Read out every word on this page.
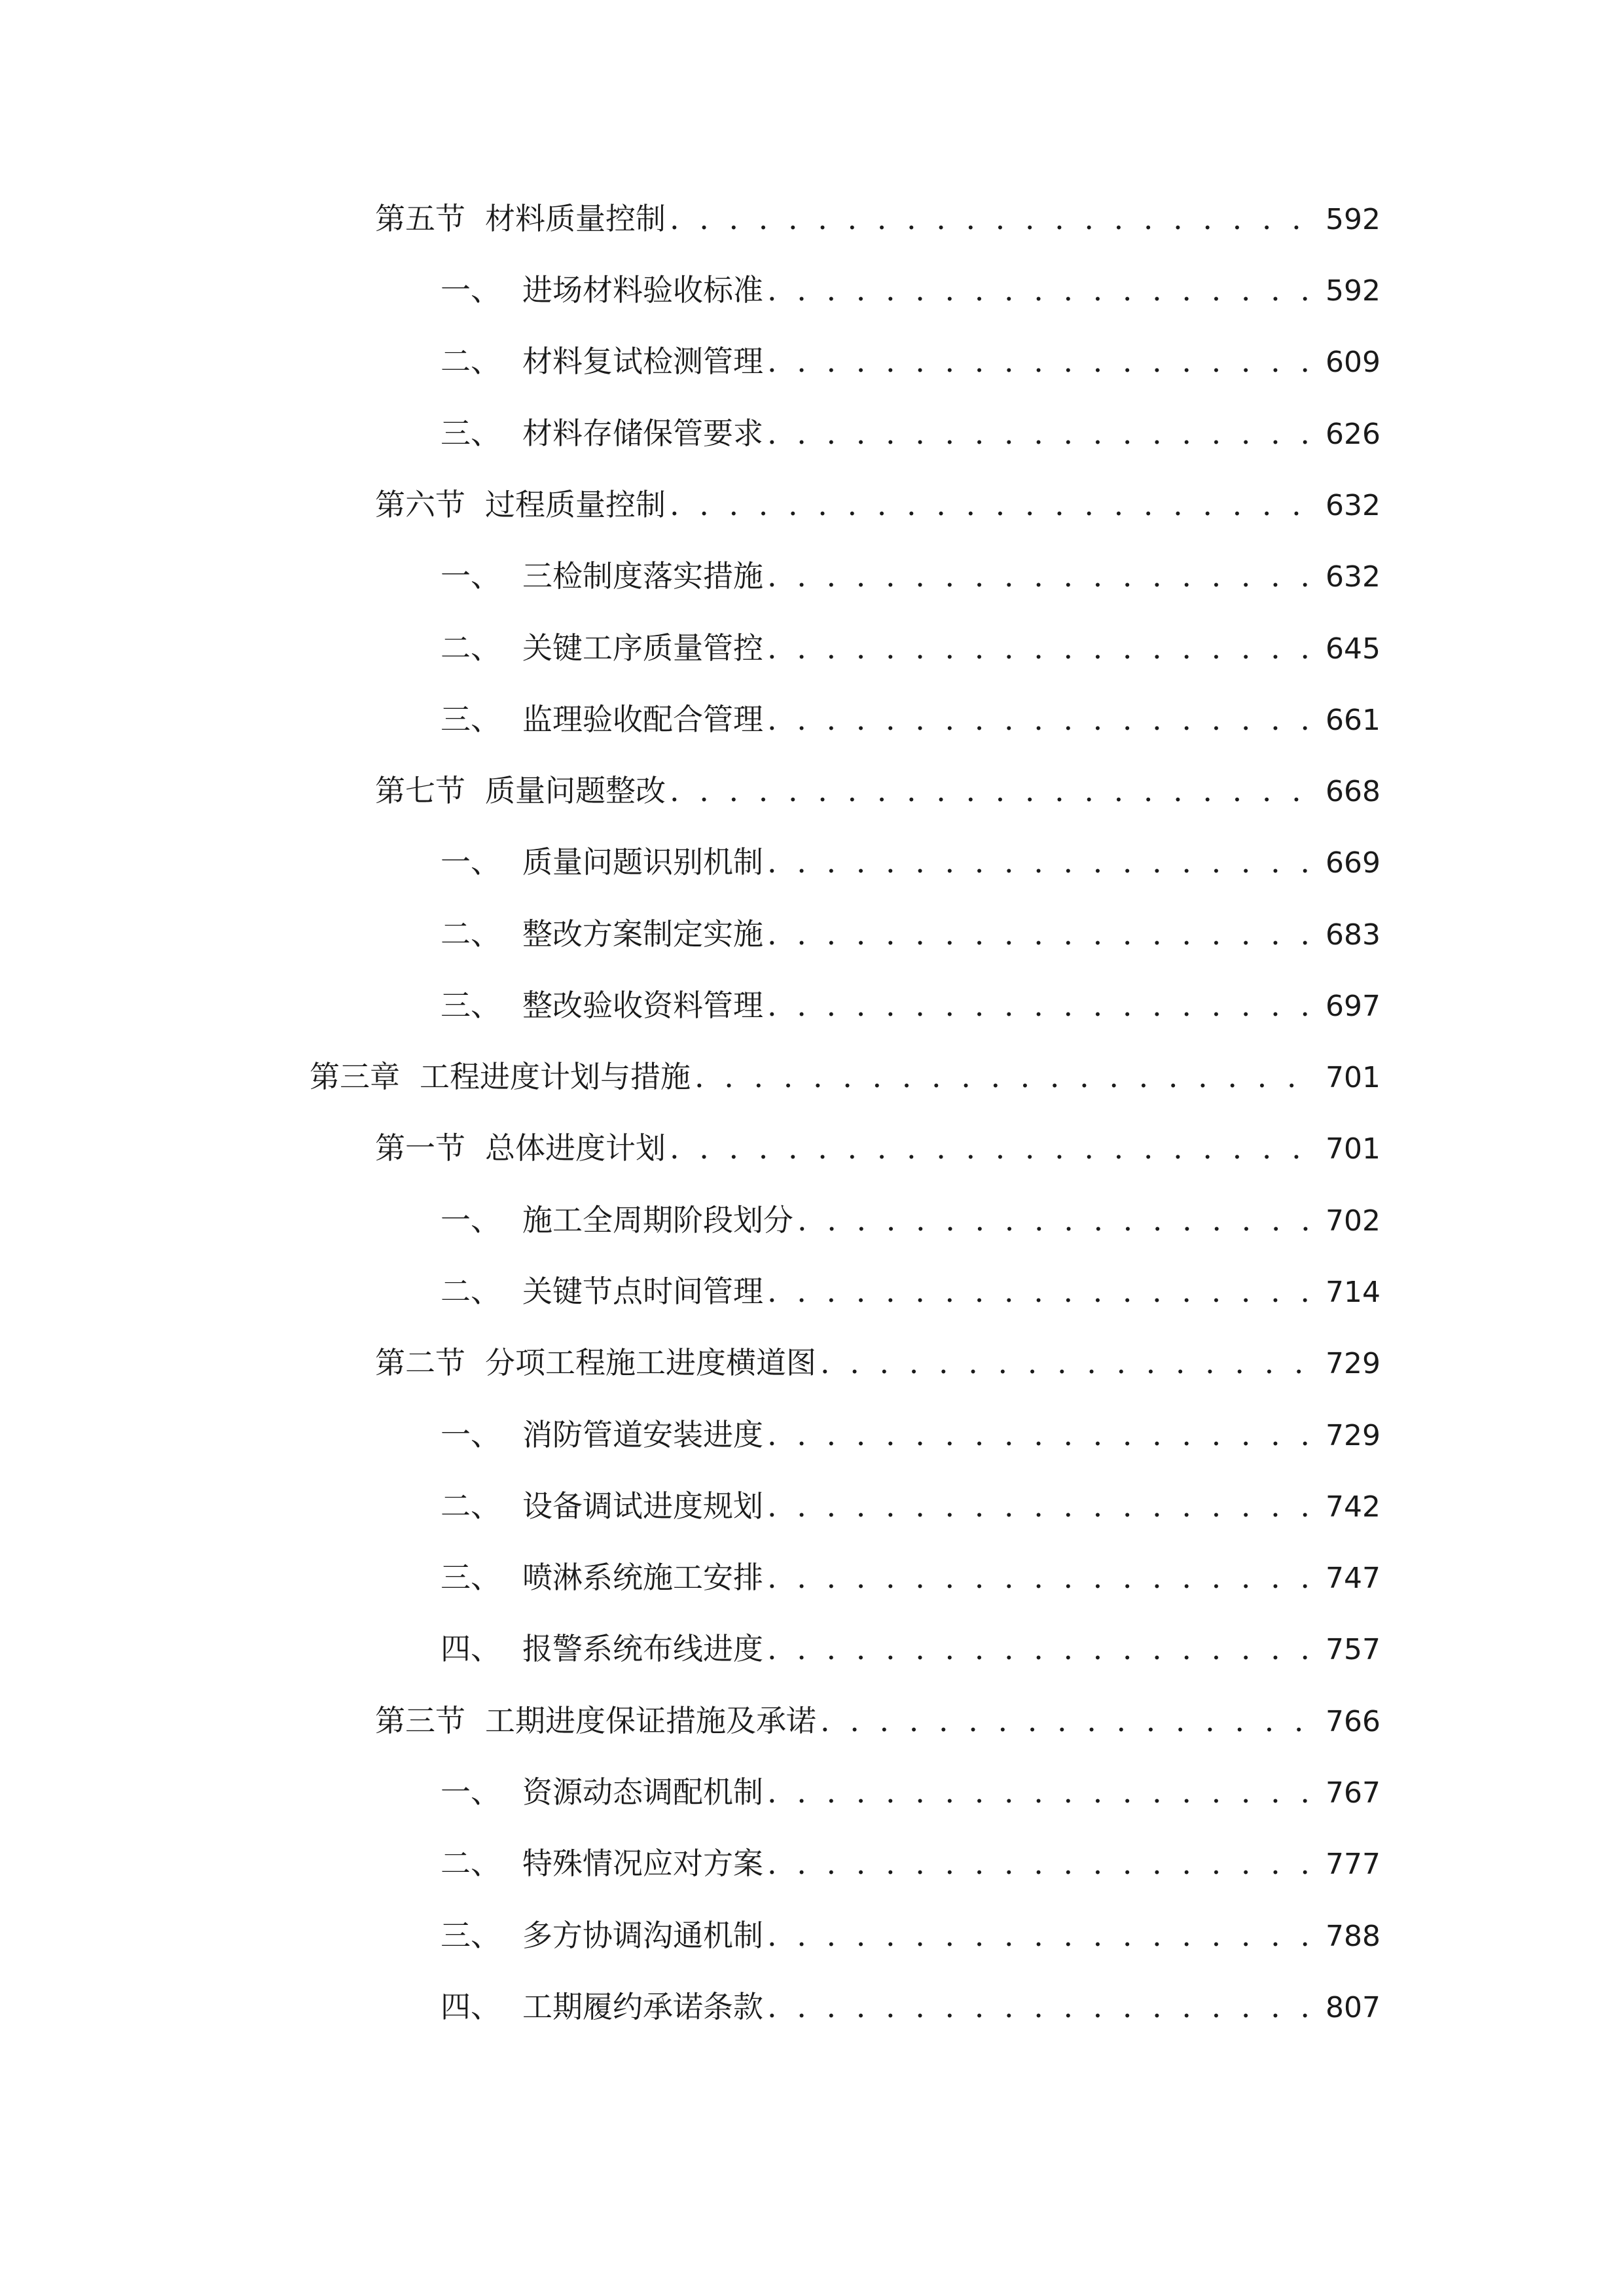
第五节 材料质量控制 . . .	592
一、 进场材料验收标准 . . .	592
二、 材料复试检测管理 . . .	609
三、 材料存储保管要求 . . .	626
第六节 过程质量控制 . . .	632
一、 三检制度落实措施 . . .	632
二、 关键工序质量管控 . . .	645
三、 监理验收配合管理 . . .	661
第七节 质量问题整改 . . .	668
一、 质量问题识别机制 . . .	669
二、 整改方案制定实施 . . .	683
三、 整改验收资料管理 . . .	697
第三章 工程进度计划与措施 . . .	701
第一节 总体进度计划 . . .	701
一、 施工全周期阶段划分 . . .	702
二、 关键节点时间管理 . . .	714
第二节 分项工程施工进度横道图 . . .	729
一、 消防管道安装进度 . . .	729
二、 设备调试进度规划 . . .	742
三、 喷淋系统施工安排 . . .	747
四、 报警系统布线进度 . . .	757
第三节 工期进度保证措施及承诺 . . .	766
一、 资源动态调配机制 . . .	767
二、 特殊情况应对方案 . . .	777
三、 多方协调沟通机制 . . .	788
四、 工期履约承诺条款 . . .	807
